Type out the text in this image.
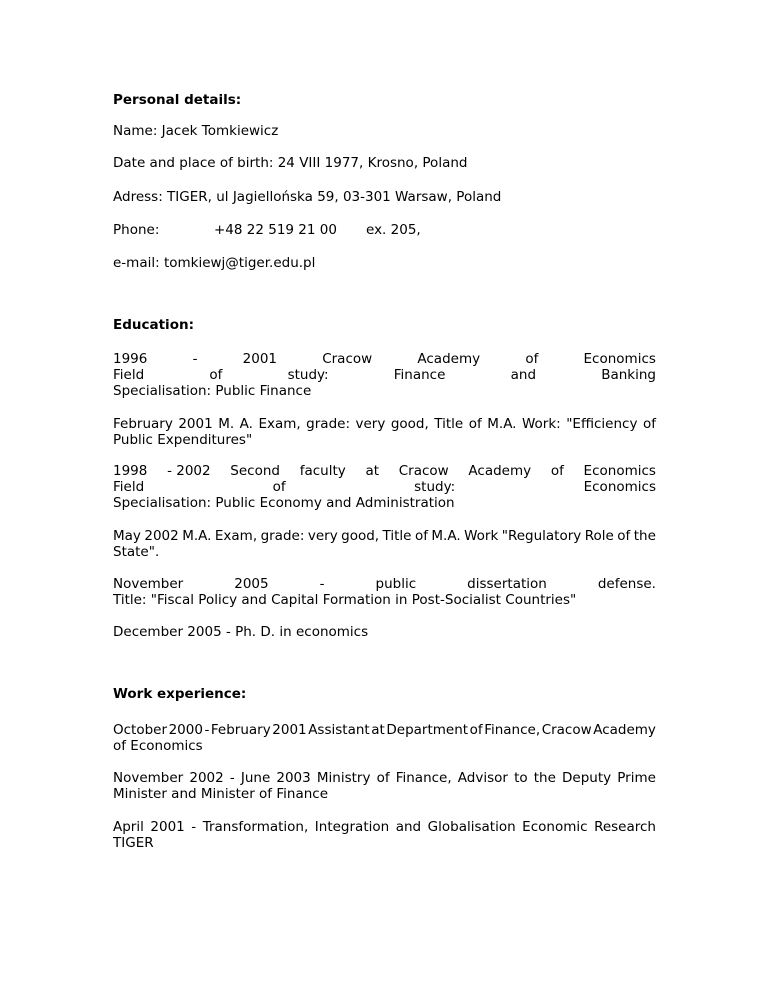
Personal details:
Name: Jacek Tomkiewicz
Date and place of birth: 24 VIII 1977, Krosno, Poland
Adress: TIGER, ul Jagiellońska 59, 03-301 Warsaw, Poland
Phone:	+48 22 519 21 00 ex. 205,
e-mail: tomkiewj@tiger.edu.pl
Education:
1996	-	2001	Cracow	Academy	of	Economics
Field	of	study:	Finance	and	Banking
Specialisation: Public Finance
February 2001 M. A. Exam, grade: very good, Title of M.A. Work: "Efficiency of
Public Expenditures"
1998 - 2002 Second faculty at Cracow Academy of Economics
Field	of	study:	Economics
Specialisation: Public Economy and Administration
May 2002 M.A. Exam, grade: very good, Title of M.A. Work "Regulatory Role of the
State".
November	2005	-	public	dissertation	defense.
Title: "Fiscal Policy and Capital Formation in Post-Socialist Countries"
December 2005 - Ph. D. in economics
Work experience:
October 2000 - February 2001 Assistant at Department of Finance, Cracow Academy
of Economics
November 2002 - June 2003 Ministry of Finance, Advisor to the Deputy Prime
Minister and Minister of Finance
April 2001 - Transformation, Integration and Globalisation Economic Research
TIGER
